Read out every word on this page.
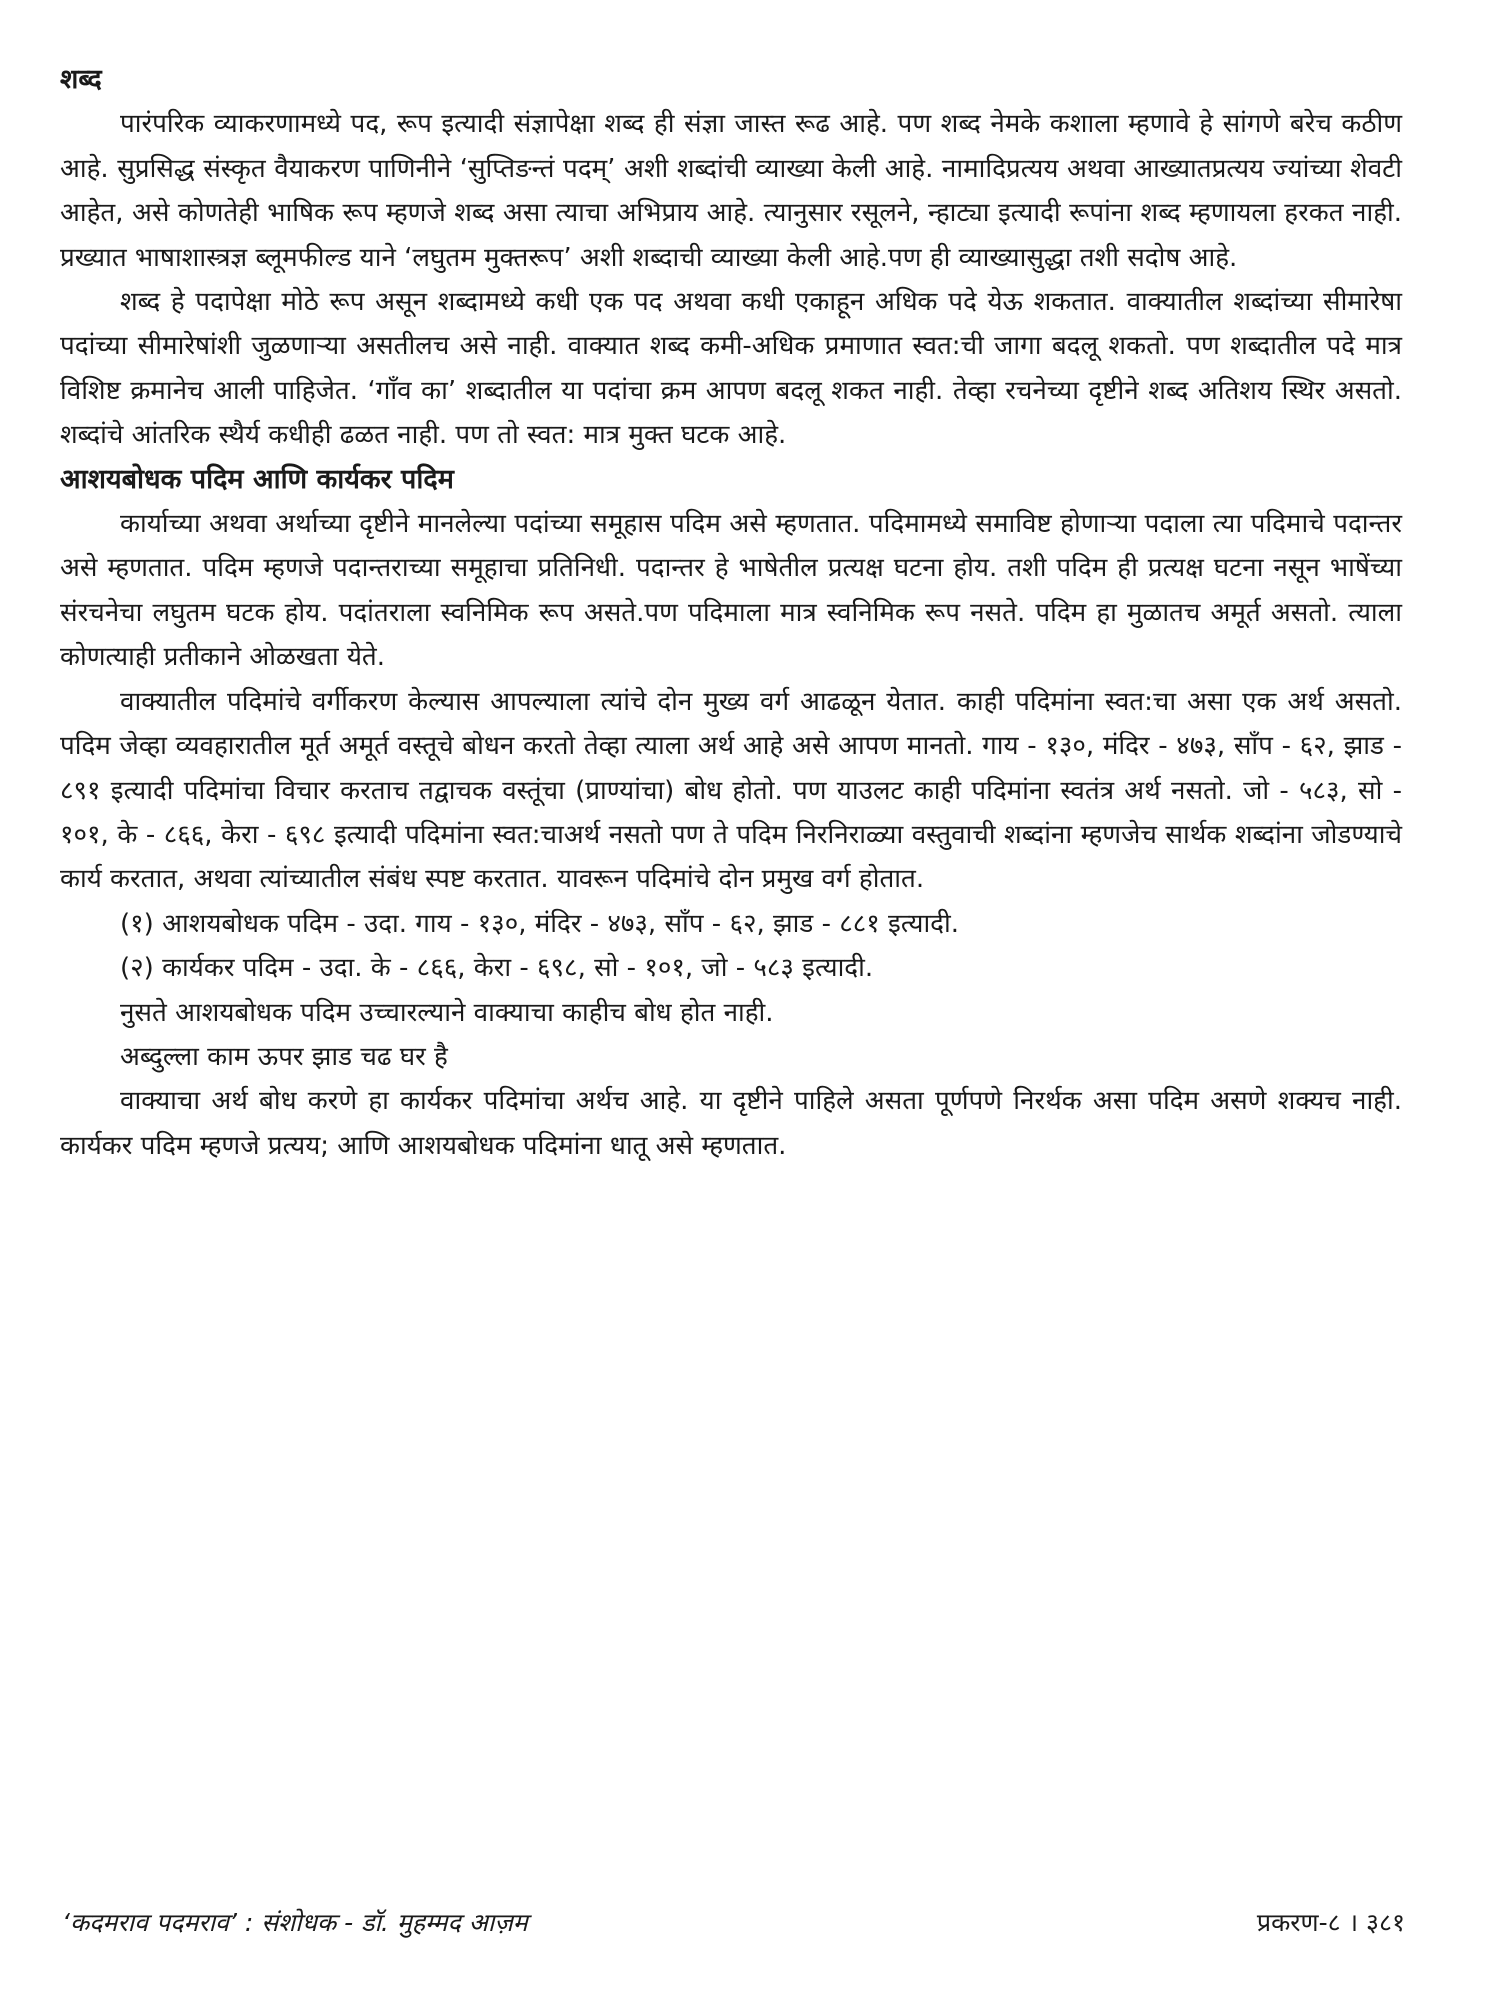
शब्द

पारंपरिक व्याकरणामध्ये पद, रूप इत्यादी संज्ञापेक्षा शब्द ही संज्ञा जास्त रूढ आहे. पण शब्द नेमके कशाला म्हणावे हे सांगणे बरेच कठीण आहे. सुप्रसिद्ध संस्कृत वैयाकरण पाणिनीने ‘सुप्तिङन्तं पदम्’ अशी शब्दांची व्याख्या केली आहे. नामादिप्रत्यय अथवा आख्यातप्रत्यय ज्यांच्या शेवटी आहेत, असे कोणतेही भाषिक रूप म्हणजे शब्द असा त्याचा अभिप्राय आहे. त्यानुसार रसूलने, न्हाट्या इत्यादी रूपांना शब्द म्हणायला हरकत नाही. प्रख्यात भाषाशास्त्रज्ञ ब्लूमफील्ड याने ‘लघुतम मुक्तरूप’ अशी शब्दाची व्याख्या केली आहे.पण ही व्याख्यासुद्धा तशी सदोष आहे.

शब्द हे पदापेक्षा मोठे रूप असून शब्दामध्ये कधी एक पद अथवा कधी एकाहून अधिक पदे येऊ शकतात. वाक्यातील शब्दांच्या सीमारेषा पदांच्या सीमारेषांशी जुळणाऱ्या असतीलच असे नाही. वाक्यात शब्द कमी-अधिक प्रमाणात स्वत:ची जागा बदलू शकतो. पण शब्दातील पदे मात्र विशिष्ट क्रमानेच आली पाहिजेत. ‘गाँव का’ शब्दातील या पदांचा क्रम आपण बदलू शकत नाही. तेव्हा रचनेच्या दृष्टीने शब्द अतिशय स्थिर असतो. शब्दांचे आंतरिक स्थैर्य कधीही ढळत नाही. पण तो स्वत: मात्र मुक्त घटक आहे.

आशयबोधक पदिम आणि कार्यकर पदिम

कार्याच्या अथवा अर्थाच्या दृष्टीने मानलेल्या पदांच्या समूहास पदिम असे म्हणतात. पदिमामध्ये समाविष्ट होणाऱ्या पदाला त्या पदिमाचे पदान्तर असे म्हणतात. पदिम म्हणजे पदान्तराच्या समूहाचा प्रतिनिधी. पदान्तर हे भाषेतील प्रत्यक्ष घटना होय. तशी पदिम ही प्रत्यक्ष घटना नसून भाषेंच्या संरचनेचा लघुतम घटक होय. पदांतराला स्वनिमिक रूप असते.पण पदिमाला मात्र स्वनिमिक रूप नसते. पदिम हा मुळातच अमूर्त असतो. त्याला कोणत्याही प्रतीकाने ओळखता येते.

वाक्यातील पदिमांचे वर्गीकरण केल्यास आपल्याला त्यांचे दोन मुख्य वर्ग आढळून येतात. काही पदिमांना स्वत:चा असा एक अर्थ असतो. पदिम जेव्हा व्यवहारातील मूर्त अमूर्त वस्तूचे बोधन करतो तेव्हा त्याला अर्थ आहे असे आपण मानतो. गाय - १३०, मंदिर - ४७३, साँप - ६२, झाड - ८९१ इत्यादी पदिमांचा विचार करताच तद्वाचक वस्तूंचा (प्राण्यांचा) बोध होतो. पण याउलट काही पदिमांना स्वतंत्र अर्थ नसतो. जो - ५८३, सो - १०१, के - ८६६, केरा - ६९८ इत्यादी पदिमांना स्वत:चाअर्थ नसतो पण ते पदिम निरनिराळ्या वस्तुवाची शब्दांना म्हणजेच सार्थक शब्दांना जोडण्याचे कार्य करतात, अथवा त्यांच्यातील संबंध स्पष्ट करतात. यावरून पदिमांचे दोन प्रमुख वर्ग होतात.

(१) आशयबोधक पदिम - उदा. गाय - १३०, मंदिर - ४७३, साँप - ६२, झाड - ८८१ इत्यादी.

(२) कार्यकर पदिम - उदा. के - ८६६, केरा - ६९८, सो - १०१, जो - ५८३ इत्यादी.

नुसते आशयबोधक पदिम उच्चारल्याने वाक्याचा काहीच बोध होत नाही.

अब्दुल्ला काम ऊपर झाड चढ घर है

वाक्याचा अर्थ बोध करणे हा कार्यकर पदिमांचा अर्थच आहे. या दृष्टीने पाहिले असता पूर्णपणे निरर्थक असा पदिम असणे शक्यच नाही. कार्यकर पदिम म्हणजे प्रत्यय; आणि आशयबोधक पदिमांना धातू असे म्हणतात.

‘कदमराव पदमराव’ : संशोधक - डॉ. मुहम्मद आज़म	प्रकरण-८ । ३८१
